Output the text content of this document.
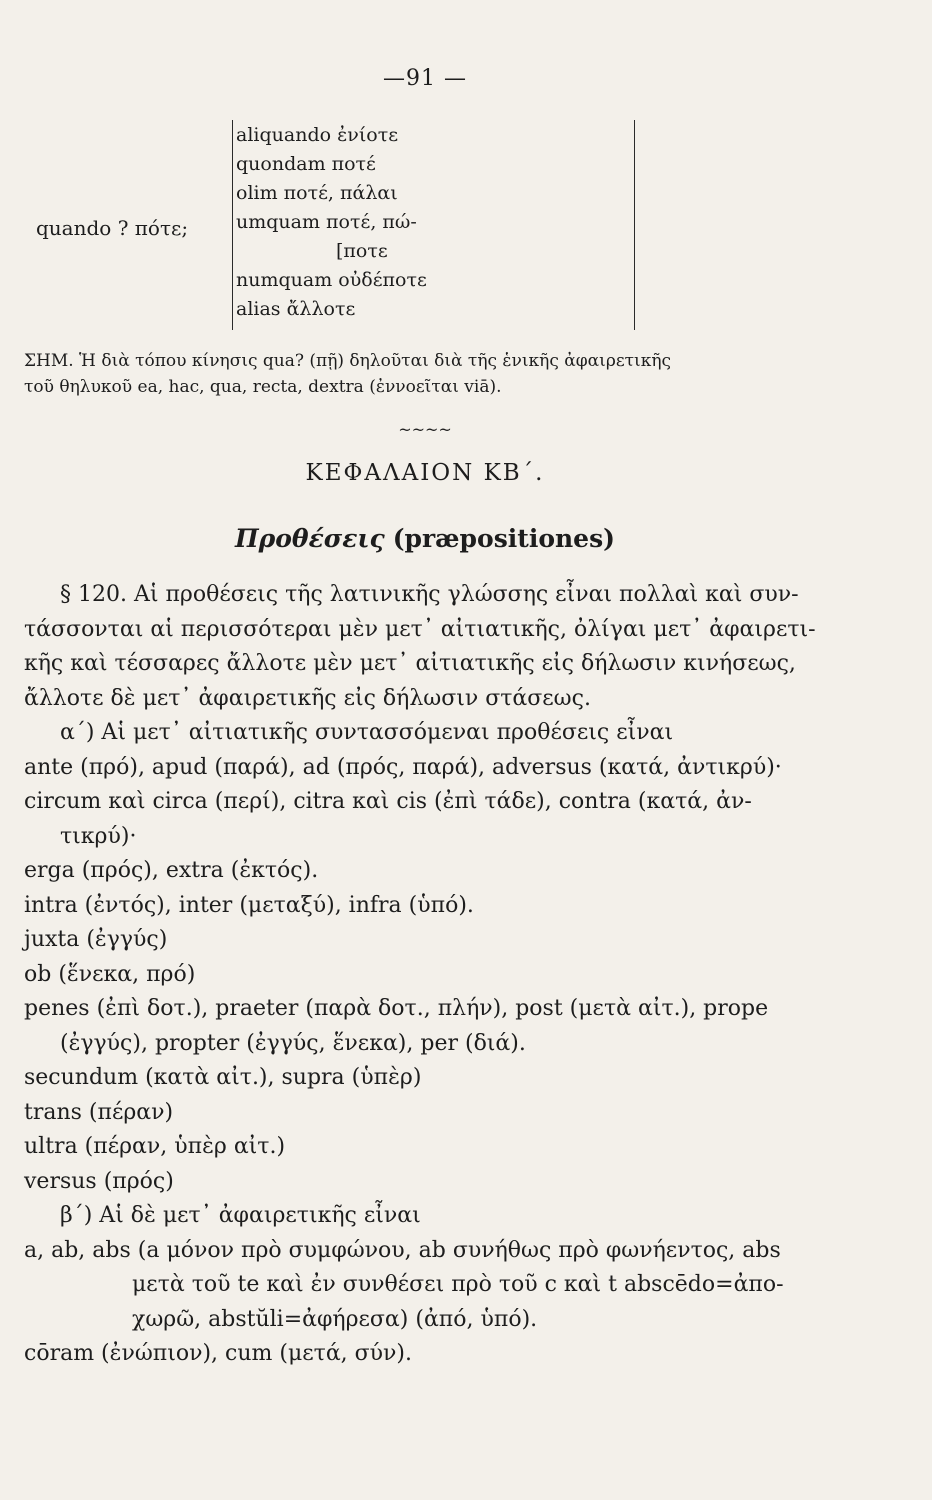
—91 —
quando ? πότε;
aliquando ἐνίοτε
quondam ποτέ
olim ποτέ, πάλαι
umquam ποτέ, πώ-
[ποτε
numquam οὐδέποτε
alias ἄλλοτε
ΣΗΜ. Ἡ διὰ τόπου κίνησις qua? (πῇ) δηλοῦται διὰ τῆς ἑνικῆς ἀφαιρετικῆς
τοῦ θηλυκοῦ ea, hac, qua, recta, dextra (ἐννοεῖται viā).
~~~~
ΚΕΦΑΛΑΙΟΝ ΚΒ΄.
Προθέσεις (præpositiones)
§ 120. Αἱ προθέσεις τῆς λατινικῆς γλώσσης εἶναι πολλαὶ καὶ συν-
τάσσονται αἱ περισσότεραι μὲν μετ᾽ αἰτιατικῆς, ὀλίγαι μετ᾽ ἀφαιρετι-
κῆς καὶ τέσσαρες ἄλλοτε μὲν μετ᾽ αἰτιατικῆς εἰς δήλωσιν κινήσεως,
ἄλλοτε δὲ μετ᾽ ἀφαιρετικῆς εἰς δήλωσιν στάσεως.
α΄) Αἱ μετ᾽ αἰτιατικῆς συντασσόμεναι προθέσεις εἶναι
ante (πρό), apud (παρά), ad (πρός, παρά), adversus (κατά, ἀντικρύ)·
circum καὶ circa (περί), citra καὶ cis (ἐπὶ τάδε), contra (κατά, ἀν-
τικρύ)·
erga (πρός), extra (ἐκτός).
intra (ἐντός), inter (μεταξύ), infra (ὑπό).
juxta (ἐγγύς)
ob (ἕνεκα, πρό)
penes (ἐπὶ δοτ.), praeter (παρὰ δοτ., πλήν), post (μετὰ αἰτ.), prope
(ἐγγύς), propter (ἐγγύς, ἕνεκα), per (διά).
secundum (κατὰ αἰτ.), supra (ὑπὲρ)
trans (πέραν)
ultra (πέραν, ὑπὲρ αἰτ.)
versus (πρός)
β΄) Αἱ δὲ μετ᾽ ἀφαιρετικῆς εἶναι
a, ab, abs (a μόνον πρὸ συμφώνου, ab συνήθως πρὸ φωνήεντος, abs
μετὰ τοῦ te καὶ ἐν συνθέσει πρὸ τοῦ c καὶ t abscēdo=ἀπο-
χωρῶ, abstŭli=ἀφήρεσα) (ἀπό, ὑπό).
cōram (ἐνώπιον), cum (μετά, σύν).
